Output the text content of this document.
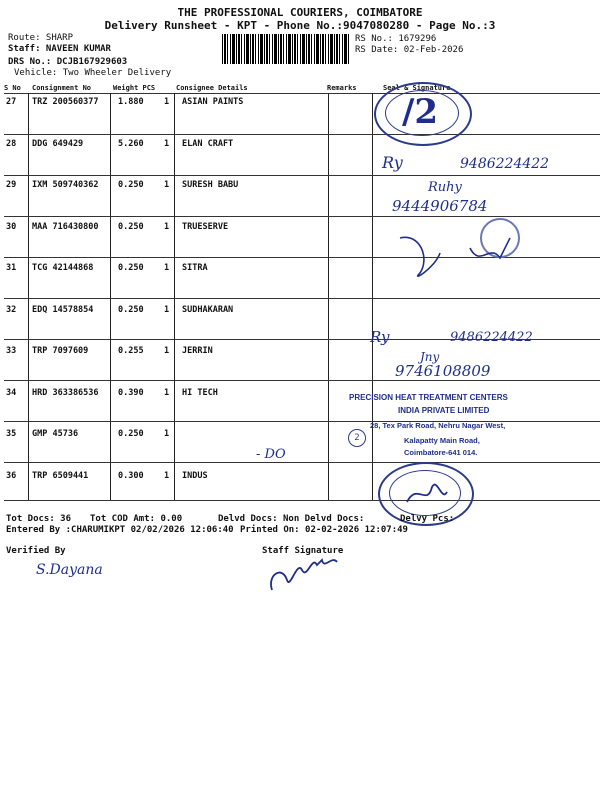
THE PROFESSIONAL COURIERS, COIMBATORE
Delivery Runsheet - KPT - Phone No.:9047080280 - Page No.:3
Route: SHARP
Staff: NAVEEN KUMAR
DRS No.: DCJB167929603
Vehicle: Two Wheeler Delivery
RS No.: 1679296
RS Date: 02-Feb-2026
S No Consignment No	Weight PCS	Consignee Details	Remarks	Seal & Signature
27 TRZ 200560377 1.880 1 ASIAN PAINTS
28 DDG 649429	5.260 1 ELAN CRAFT
29 IXM 509740362 0.250 1 SURESH BABU
30 MAA 716430800 0.250 1 TRUESERVE
31 TCG 42144868	0.250 1 SITRA
32 EDQ 14578854	0.250 1 SUDHAKARAN
33 TRP 7097609	0.255 1 JERRIN
34 HRD 363386536 0.390 1 HI TECH
35 GMP 45736	0.250 1
36 TRP 6509441	0.300 1 INDUS
/2
Ry	9486224422
Ruhy
9444906784
Ry	9486224422
Jny
9746108809
PRECISION HEAT TREATMENT CENTERS
INDIA PRIVATE LIMITED
28, Tex Park Road, Nehru Nagar West,
Kalapatty Main Road,
Coimbatore-641 014.
2
- DO
Tot Docs: 36 Tot COD Amt: 0.00	Delvd Docs: Non Delvd Docs:	Delvy Pcs:
Entered By :CHARUMIKPT 02/02/2026 12:06:40 Printed On: 02-02-2026 12:07:49
Verified By	Staff Signature
S.Dayana
